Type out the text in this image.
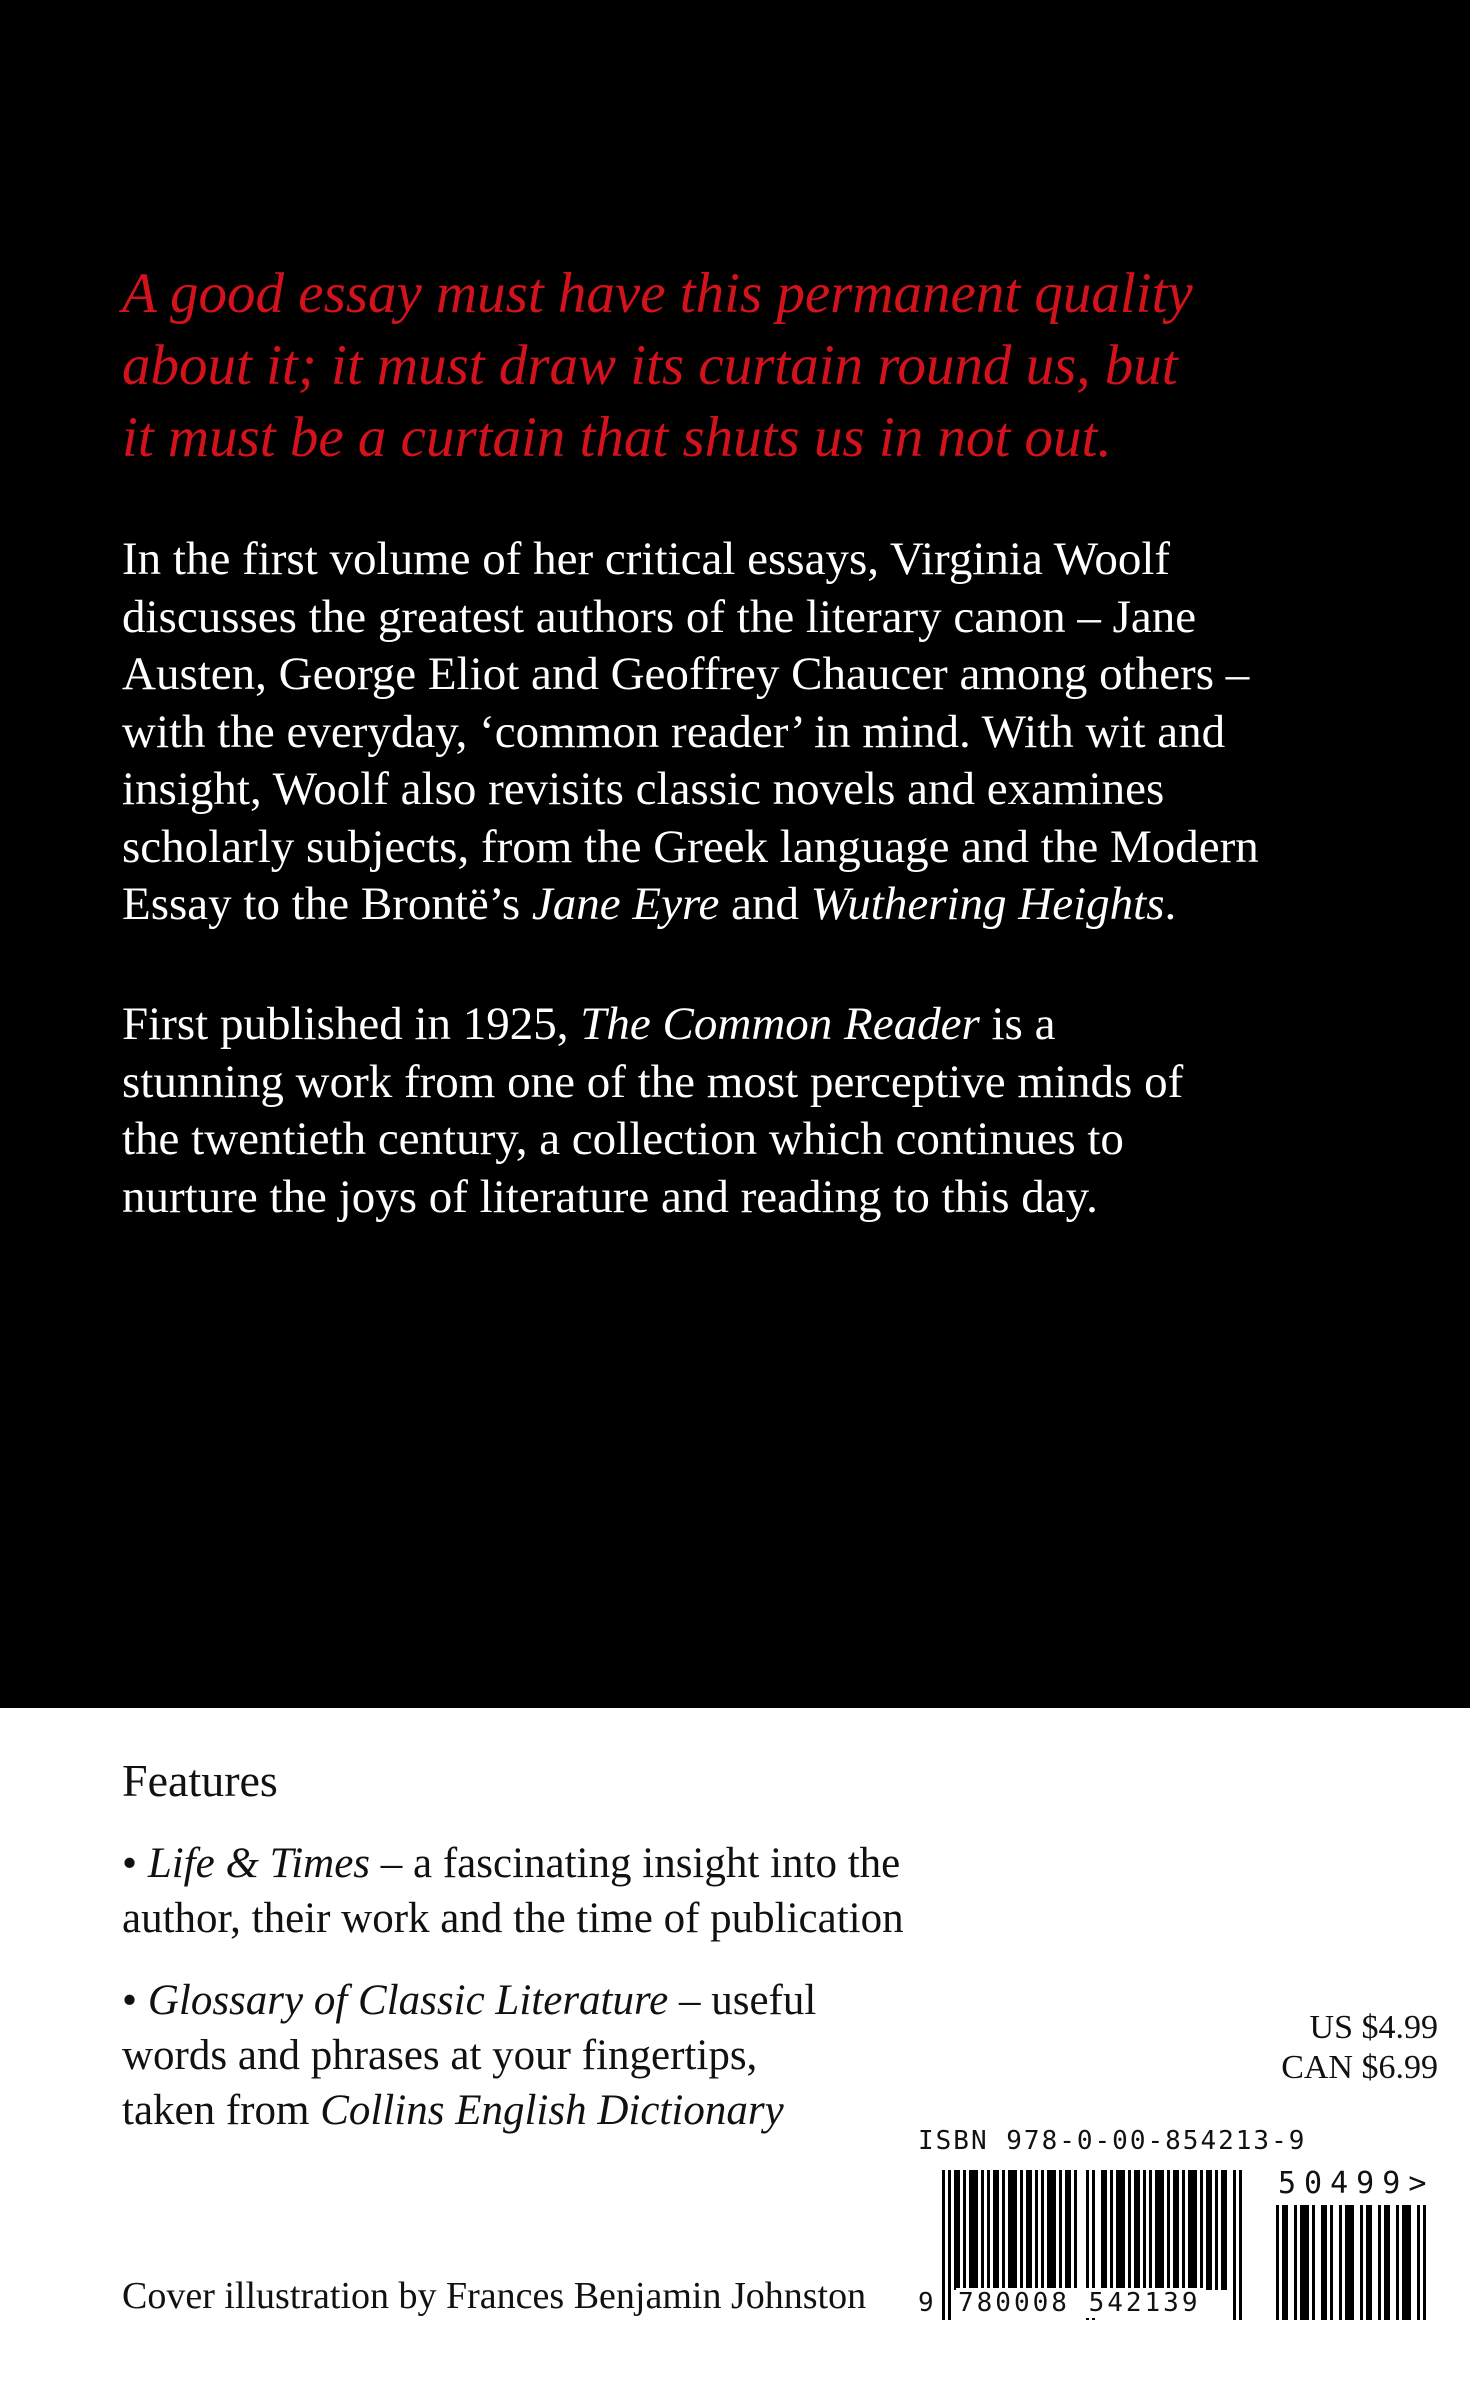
A good essay must have this permanent quality
about it; it must draw its curtain round us, but
it must be a curtain that shuts us in not out.

In the first volume of her critical essays, Virginia Woolf
discusses the greatest authors of the literary canon – Jane
Austen, George Eliot and Geoffrey Chaucer among others –
with the everyday, ‘common reader’ in mind. With wit and
insight, Woolf also revisits classic novels and examines
scholarly subjects, from the Greek language and the Modern
Essay to the Brontë’s Jane Eyre and Wuthering Heights.

First published in 1925, The Common Reader is a
stunning work from one of the most perceptive minds of
the twentieth century, a collection which continues to
nurture the joys of literature and reading to this day.

Features

• Life & Times – a fascinating insight into the
author, their work and the time of publication

• Glossary of Classic Literature – useful
words and phrases at your fingertips,
taken from Collins English Dictionary

Cover illustration by Frances Benjamin Johnston
US $4.99
CAN $6.99
ISBN 978-0-00-854213-9
9 780008 542139
50499>
